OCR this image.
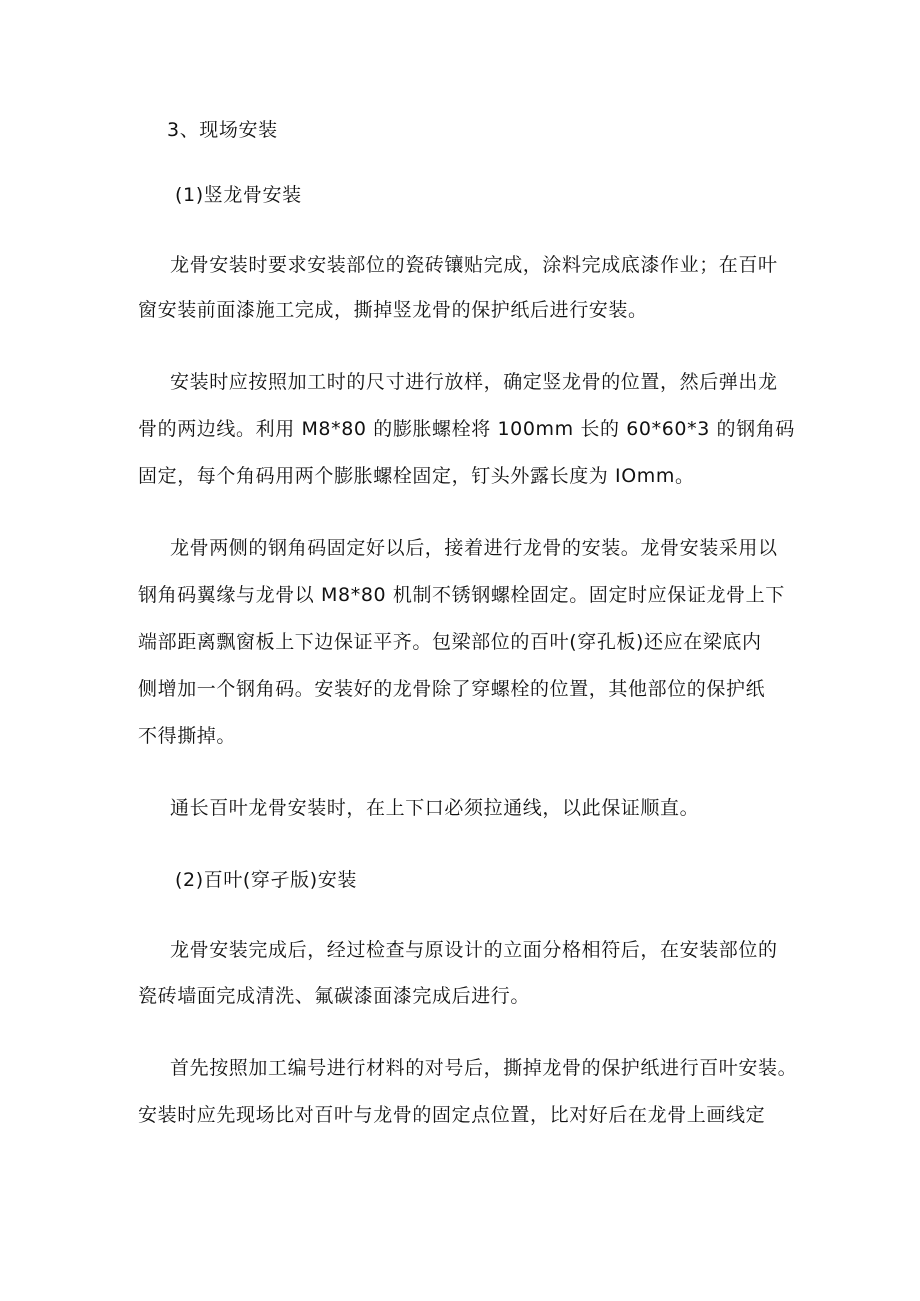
3、现场安装
(1)竖龙骨安装
龙骨安装时要求安装部位的瓷砖镶贴完成，涂料完成底漆作业；在百叶
窗安装前面漆施工完成，撕掉竖龙骨的保护纸后进行安装。
安装时应按照加工时的尺寸进行放样，确定竖龙骨的位置，然后弹出龙
骨的两边线。利用 M8*80 的膨胀螺栓将 100mm 长的 60*60*3 的钢角码
固定，每个角码用两个膨胀螺栓固定，钉头外露长度为 IOmm。
龙骨两侧的钢角码固定好以后，接着进行龙骨的安装。龙骨安装采用以
钢角码翼缘与龙骨以 M8*80 机制不锈钢螺栓固定。固定时应保证龙骨上下
端部距离飘窗板上下边保证平齐。包梁部位的百叶(穿孔板)还应在梁底内
侧增加一个钢角码。安装好的龙骨除了穿螺栓的位置，其他部位的保护纸
不得撕掉。
通长百叶龙骨安装时，在上下口必须拉通线，以此保证顺直。
(2)百叶(穿孑版)安装
龙骨安装完成后，经过检查与原设计的立面分格相符后，在安装部位的
瓷砖墙面完成清洗、氟碳漆面漆完成后进行。
首先按照加工编号进行材料的对号后，撕掉龙骨的保护纸进行百叶安装。
安装时应先现场比对百叶与龙骨的固定点位置，比对好后在龙骨上画线定
